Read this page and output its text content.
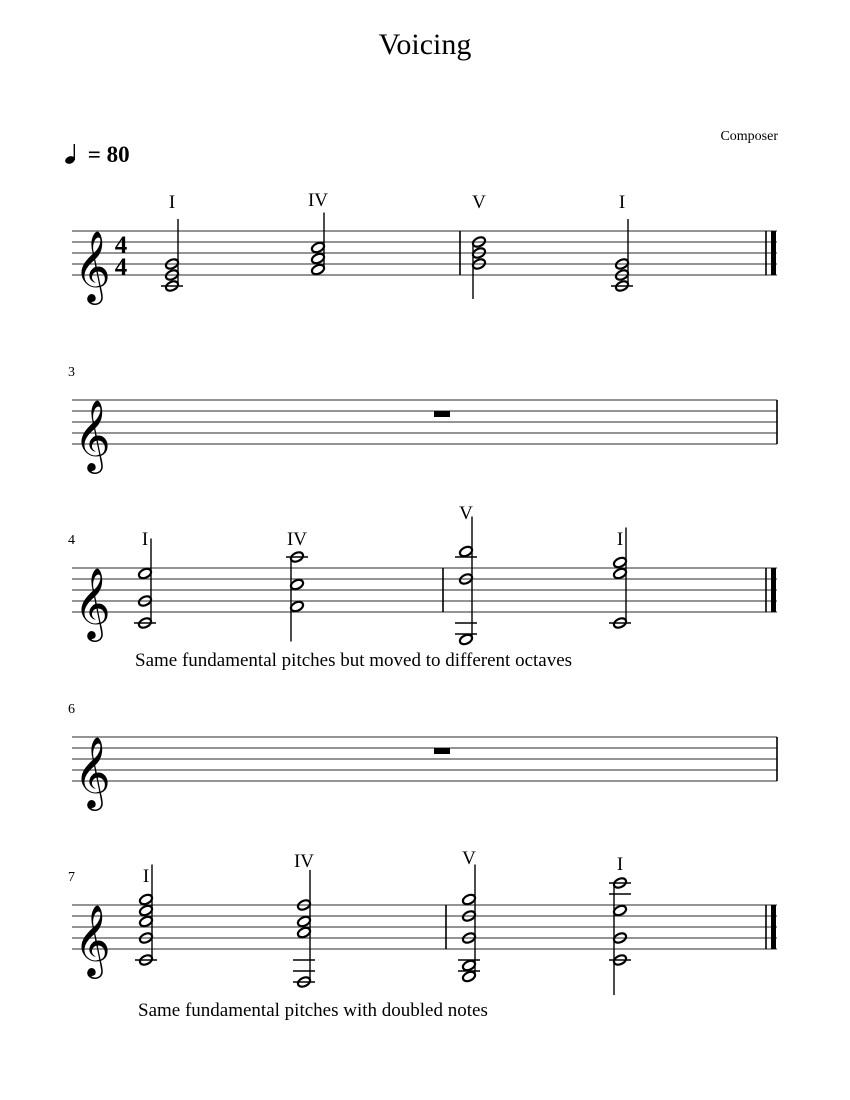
Voicing
Composer
= 80
𝄞 4
4
𝄞
𝄞
𝄞
𝄞
I	IV	V	I
3
I	IV
V
I
4
Same fundamental pitches but moved to different octaves
6
I
IV	V	I
7
Same fundamental pitches with doubled notes
